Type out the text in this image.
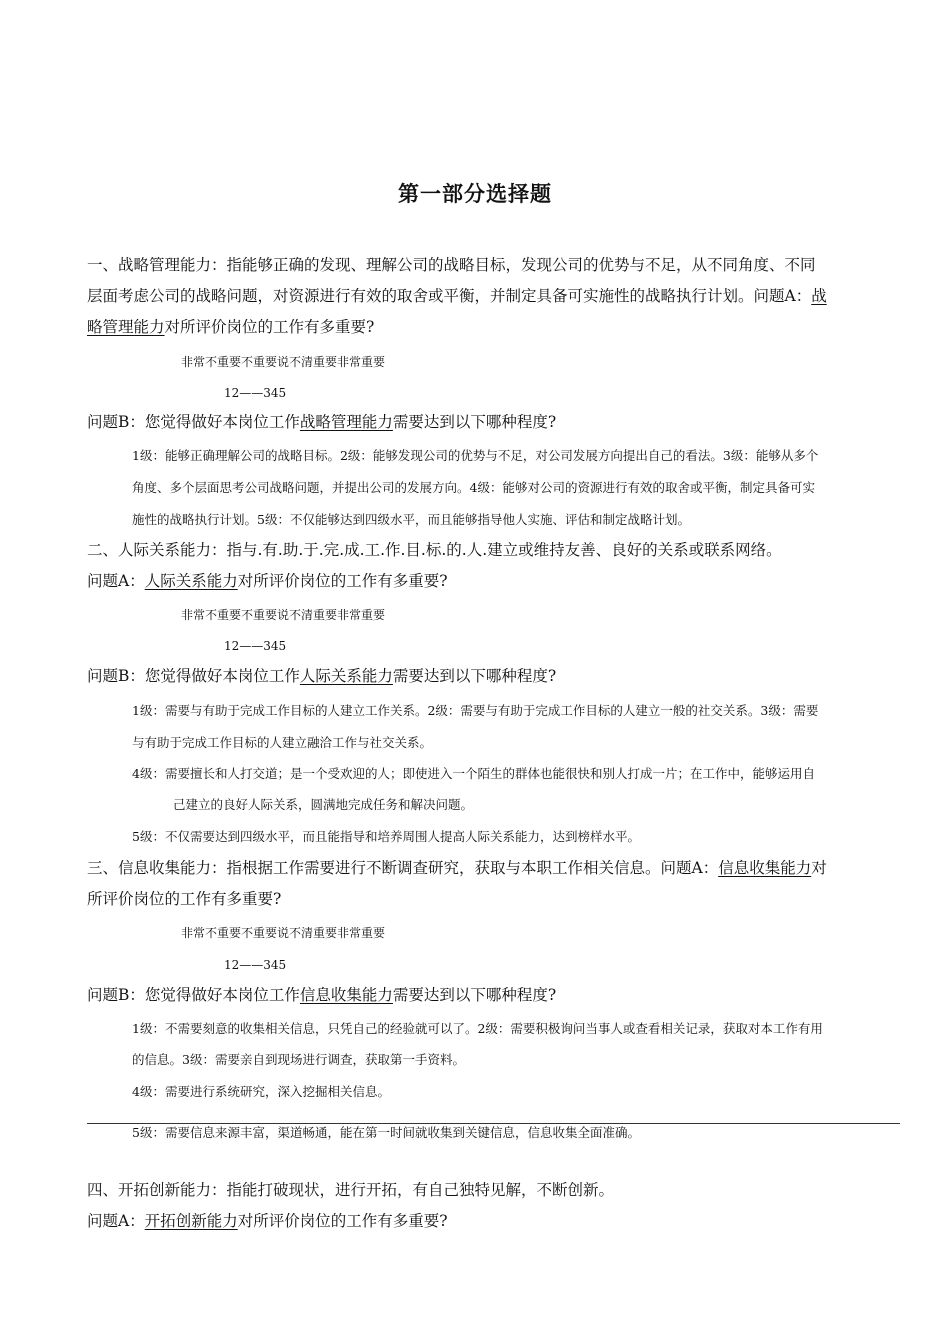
第一部分选择题
一、战略管理能力：指能够正确的发现、理解公司的战略目标，发现公司的优势与不足，从不同角度、不同
层面考虑公司的战略问题，对资源进行有效的取舍或平衡，并制定具备可实施性的战略执行计划。问题A：战
略管理能力对所评价岗位的工作有多重要?
非常不重要不重要说不清重要非常重要
12——345
问题B：您觉得做好本岗位工作战略管理能力需要达到以下哪种程度?
1级：能够正确理解公司的战略目标。2级：能够发现公司的优势与不足，对公司发展方向提出自己的看法。3级：能够从多个
角度、多个层面思考公司战略问题，并提出公司的发展方向。4级：能够对公司的资源进行有效的取舍或平衡，制定具备可实
施性的战略执行计划。5级：不仅能够达到四级水平，而且能够指导他人实施、评估和制定战略计划。
二、人际关系能力：指与.有.助.于.完.成.工.作.目.标.的.人.建立或维持友善、良好的关系或联系网络。
问题A：人际关系能力对所评价岗位的工作有多重要?
非常不重要不重要说不清重要非常重要
12——345
问题B：您觉得做好本岗位工作人际关系能力需要达到以下哪种程度?
1级：需要与有助于完成工作目标的人建立工作关系。2级：需要与有助于完成工作目标的人建立一般的社交关系。3级：需要
与有助于完成工作目标的人建立融洽工作与社交关系。
4级：需要擅长和人打交道；是一个受欢迎的人；即使进入一个陌生的群体也能很快和别人打成一片；在工作中，能够运用自
己建立的良好人际关系，圆满地完成任务和解决问题。
5级：不仅需要达到四级水平，而且能指导和培养周围人提高人际关系能力，达到榜样水平。
三、信息收集能力：指根据工作需要进行不断调查研究，获取与本职工作相关信息。问题A：信息收集能力对
所评价岗位的工作有多重要?
非常不重要不重要说不清重要非常重要
12——345
问题B：您觉得做好本岗位工作信息收集能力需要达到以下哪种程度?
1级：不需要刻意的收集相关信息，只凭自己的经验就可以了。2级：需要积极询问当事人或查看相关记录，获取对本工作有用
的信息。3级：需要亲自到现场进行调查，获取第一手资料。
4级：需要进行系统研究，深入挖掘相关信息。
5级：需要信息来源丰富，渠道畅通，能在第一时间就收集到关键信息，信息收集全面准确。
四、开拓创新能力：指能打破现状，进行开拓，有自己独特见解，不断创新。
问题A：开拓创新能力对所评价岗位的工作有多重要?
